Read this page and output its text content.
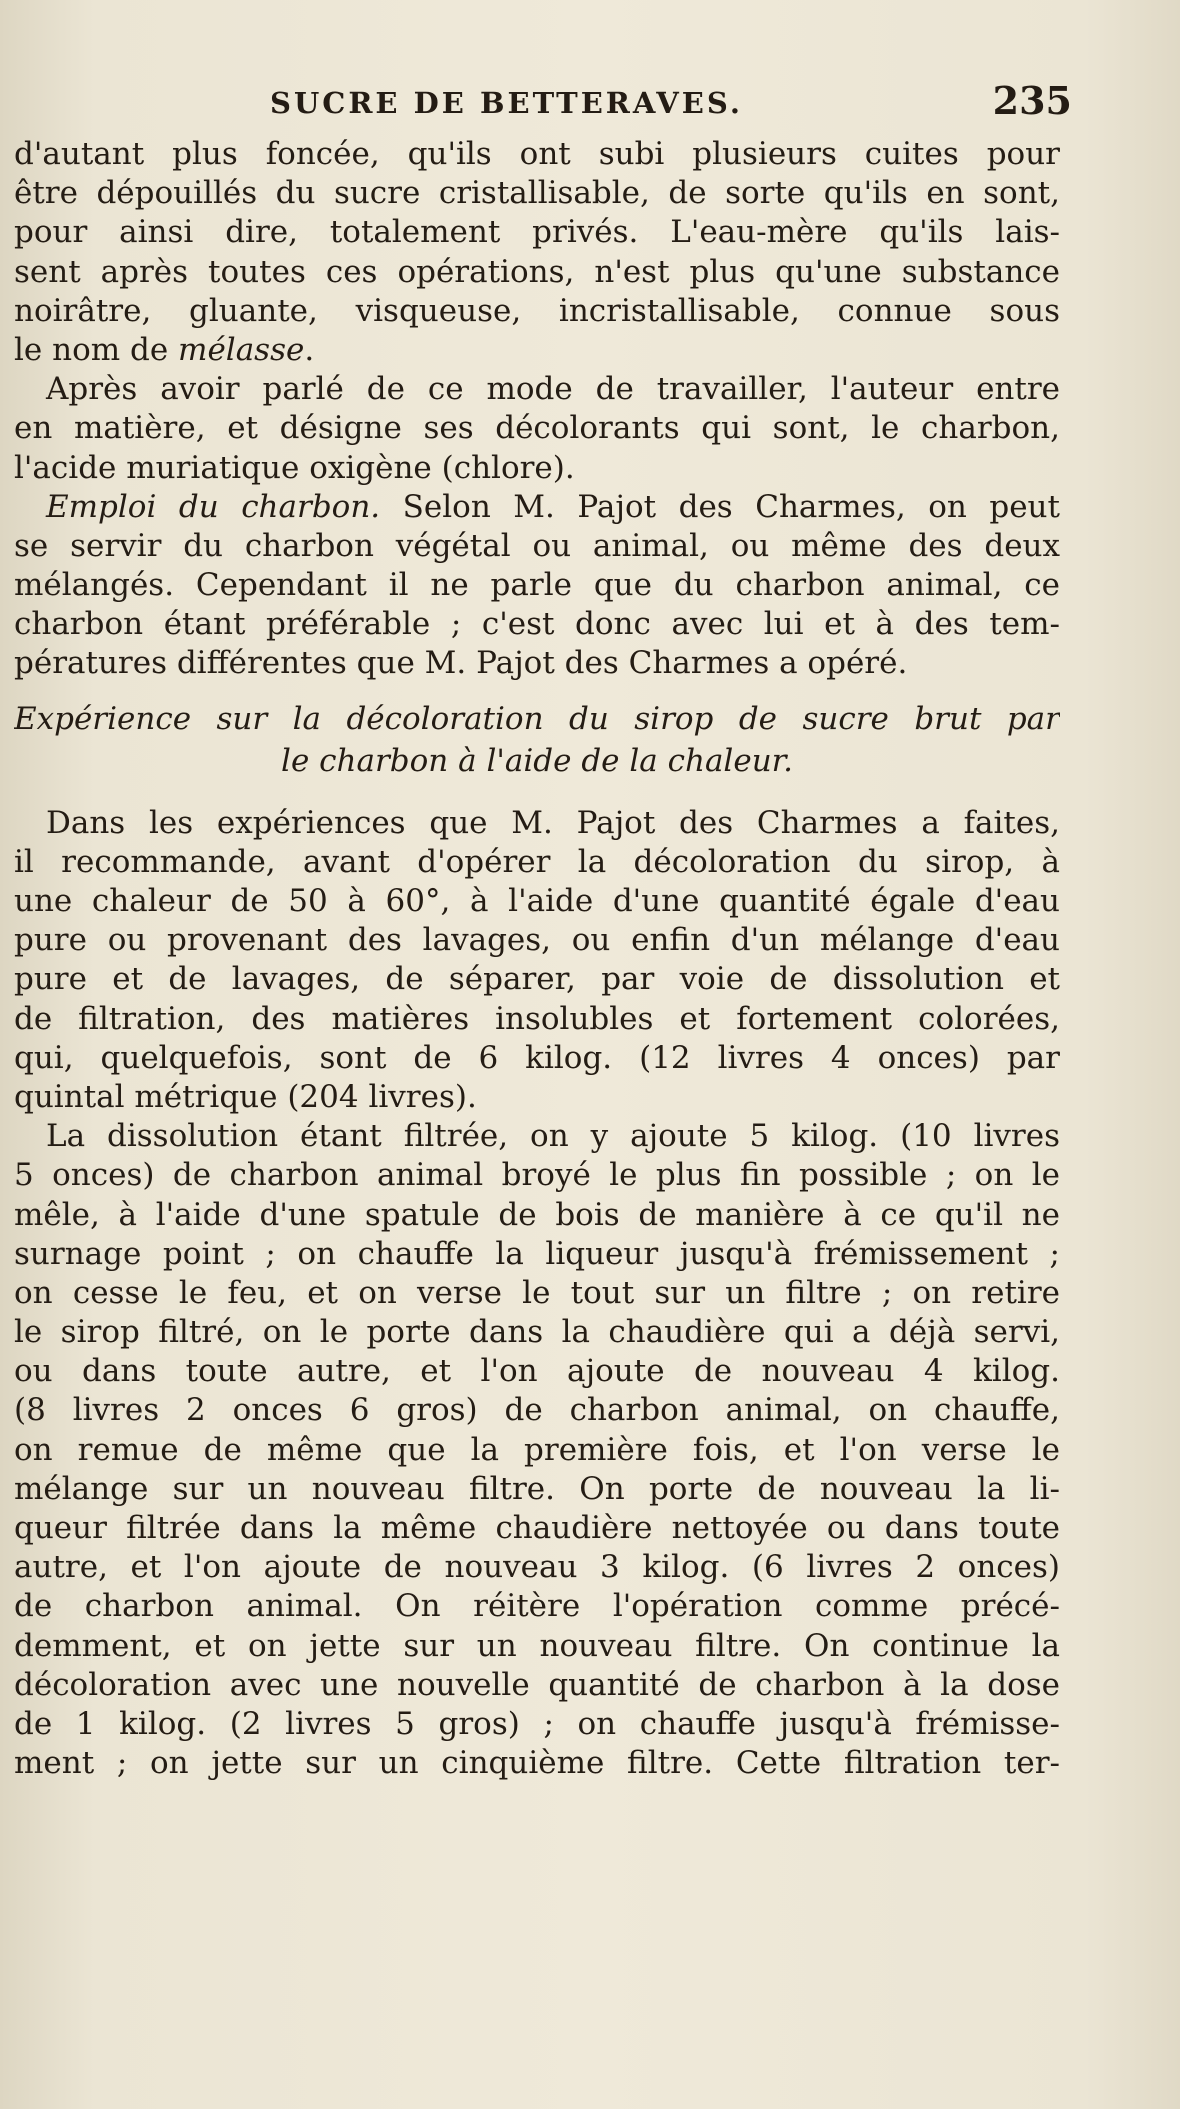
SUCRE DE BETTERAVES.	235
d'autant plus foncée, qu'ils ont subi plusieurs cuites pour
être dépouillés du sucre cristallisable, de sorte qu'ils en sont,
pour ainsi dire, totalement privés. L'eau-mère qu'ils lais-
sent après toutes ces opérations, n'est plus qu'une substance
noirâtre, gluante, visqueuse, incristallisable, connue sous
le nom de mélasse.
Après avoir parlé de ce mode de travailler, l'auteur entre
en matière, et désigne ses décolorants qui sont, le charbon,
l'acide muriatique oxigène (chlore).
Emploi du charbon. Selon M. Pajot des Charmes, on peut
se servir du charbon végétal ou animal, ou même des deux
mélangés. Cependant il ne parle que du charbon animal, ce
charbon étant préférable ; c'est donc avec lui et à des tem-
pératures différentes que M. Pajot des Charmes a opéré.
Expérience sur la décoloration du sirop de sucre brut par
le charbon à l'aide de la chaleur.
Dans les expériences que M. Pajot des Charmes a faites,
il recommande, avant d'opérer la décoloration du sirop, à
une chaleur de 50 à 60°, à l'aide d'une quantité égale d'eau
pure ou provenant des lavages, ou enfin d'un mélange d'eau
pure et de lavages, de séparer, par voie de dissolution et
de filtration, des matières insolubles et fortement colorées,
qui, quelquefois, sont de 6 kilog. (12 livres 4 onces) par
quintal métrique (204 livres).
La dissolution étant filtrée, on y ajoute 5 kilog. (10 livres
5 onces) de charbon animal broyé le plus fin possible ; on le
mêle, à l'aide d'une spatule de bois de manière à ce qu'il ne
surnage point ; on chauffe la liqueur jusqu'à frémissement ;
on cesse le feu, et on verse le tout sur un filtre ; on retire
le sirop filtré, on le porte dans la chaudière qui a déjà servi,
ou dans toute autre, et l'on ajoute de nouveau 4 kilog.
(8 livres 2 onces 6 gros) de charbon animal, on chauffe,
on remue de même que la première fois, et l'on verse le
mélange sur un nouveau filtre. On porte de nouveau la li-
queur filtrée dans la même chaudière nettoyée ou dans toute
autre, et l'on ajoute de nouveau 3 kilog. (6 livres 2 onces)
de charbon animal. On réitère l'opération comme précé-
demment, et on jette sur un nouveau filtre. On continue la
décoloration avec une nouvelle quantité de charbon à la dose
de 1 kilog. (2 livres 5 gros) ; on chauffe jusqu'à frémisse-
ment ; on jette sur un cinquième filtre. Cette filtration ter-
